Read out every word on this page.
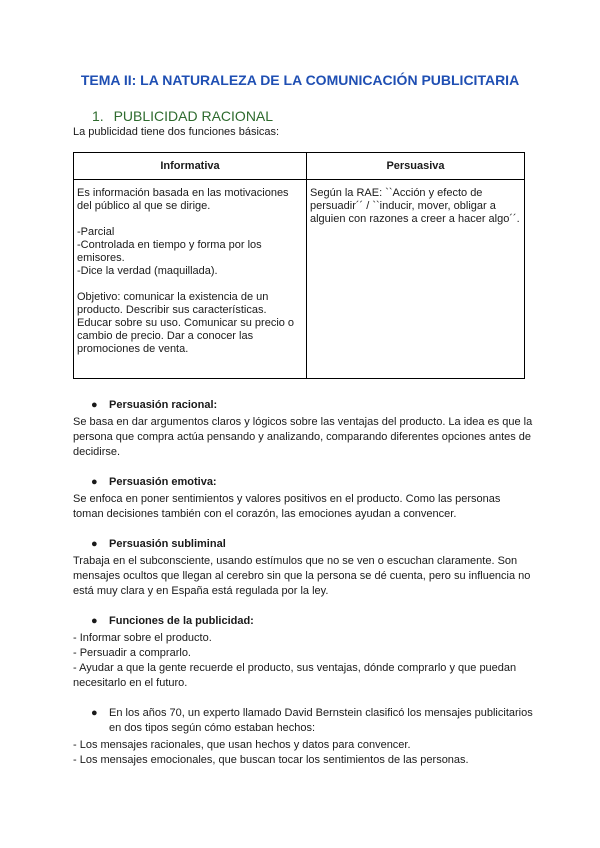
TEMA II: LA NATURALEZA DE LA COMUNICACIÓN PUBLICITARIA
1. PUBLICIDAD RACIONAL
La publicidad tiene dos funciones básicas:
Informativa	Persuasiva

Es información basada en las motivaciones del público al que se dirige.

-Parcial
-Controlada en tiempo y forma por los emisores.
-Dice la verdad (maquillada).

Objetivo: comunicar la existencia de un producto. Describir sus características. Educar sobre su uso. Comunicar su precio o cambio de precio. Dar a conocer las promociones de venta.	Según la RAE: ``Acción y efecto de persuadir´´ / ``inducir, mover, obligar a alguien con razones a creer a hacer algo´´.
● Persuasión racional:

Se basa en dar argumentos claros y lógicos sobre las ventajas del producto. La idea es que la persona que compra actúa pensando y analizando, comparando diferentes opciones antes de decidirse.

● Persuasión emotiva:

Se enfoca en poner sentimientos y valores positivos en el producto. Como las personas toman decisiones también con el corazón, las emociones ayudan a convencer.

● Persuasión subliminal

Trabaja en el subconsciente, usando estímulos que no se ven o escuchan claramente. Son mensajes ocultos que llegan al cerebro sin que la persona se dé cuenta, pero su influencia no está muy clara y en España está regulada por la ley.

● Funciones de la publicidad:
- Informar sobre el producto.
- Persuadir a comprarlo.
- Ayudar a que la gente recuerde el producto, sus ventajas, dónde comprarlo y que puedan necesitarlo en el futuro.
●	En los años 70, un experto llamado David Bernstein clasificó los mensajes publicitarios en dos tipos según cómo estaban hechos:
- Los mensajes racionales, que usan hechos y datos para convencer.
- Los mensajes emocionales, que buscan tocar los sentimientos de las personas.
